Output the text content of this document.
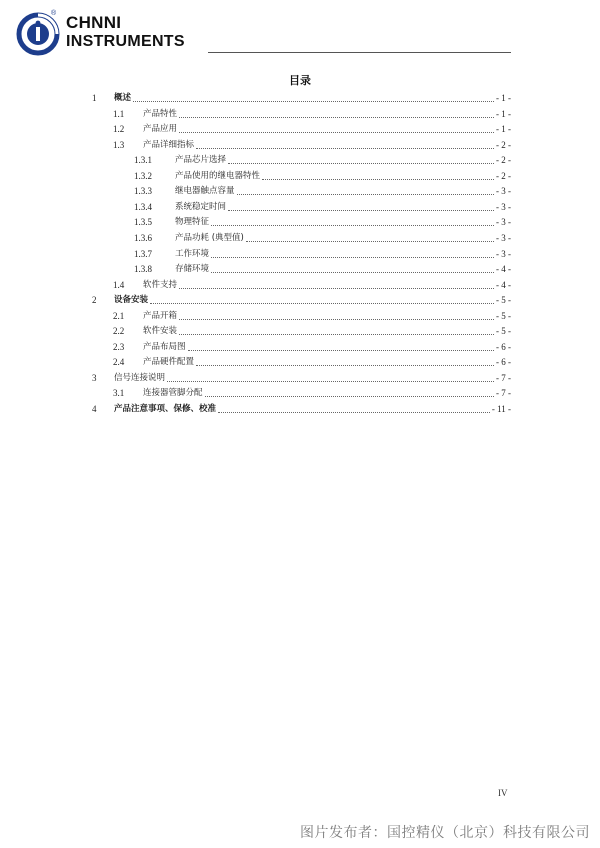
® CHNNI
INSTRUMENTS
目录
1	概述	- 1 -
1.1	产品特性	- 1 -
1.2	产品应用	- 1 -
1.3	产品详细指标	- 2 -
1.3.1	产品芯片选择	- 2 -
1.3.2	产品使用的继电器特性	- 2 -
1.3.3	继电器触点容量	- 3 -
1.3.4	系统稳定时间	- 3 -
1.3.5	物理特征	- 3 -
1.3.6	产品功耗 (典型值)	- 3 -
1.3.7	工作环境	- 3 -
1.3.8	存储环境	- 4 -
1.4	软件支持	- 4 -
2	设备安装	- 5 -
2.1	产品开箱	- 5 -
2.2	软件安装	- 5 -
2.3	产品布局图	- 6 -
2.4	产品硬件配置	- 6 -
3	信号连接说明	- 7 -
3.1	连接器管脚分配	- 7 -
4	产品注意事项、保修、校准	- 11 -
IV
图片发布者：国控精仪（北京）科技有限公司
